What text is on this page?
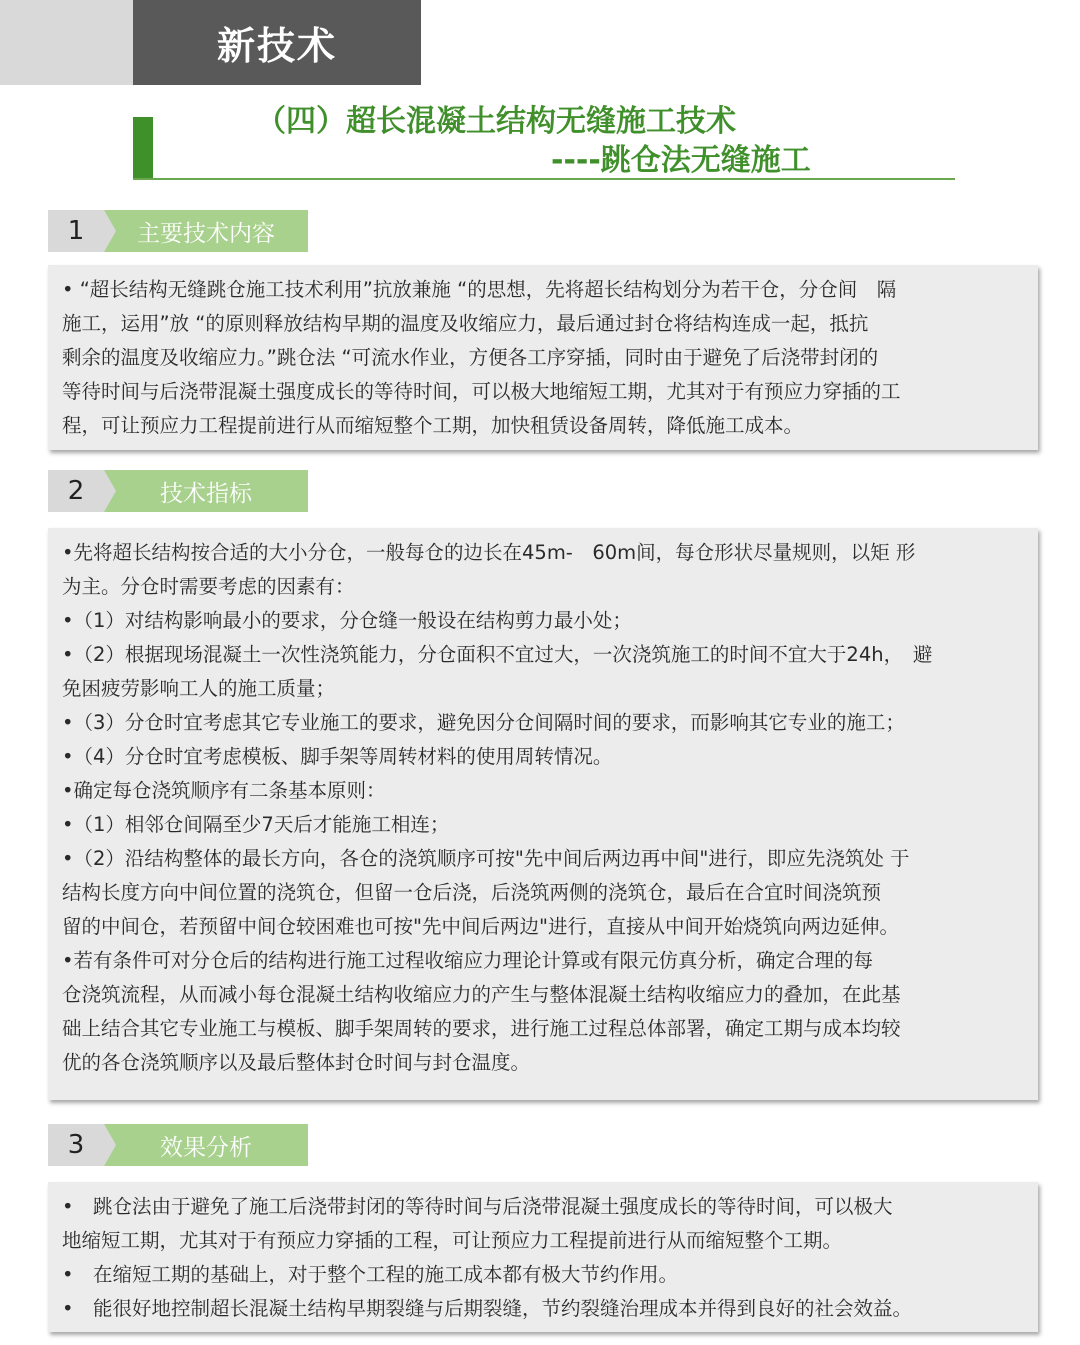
新技术
（四）超长混凝土结构无缝施工技术
----跳仓法无缝施工
1	主要技术内容

• “超长结构无缝跳仓施工技术利用”抗放兼施 “的思想，先将超长结构划分为若干仓，分仓间　隔

施工，运用”放 “的原则释放结构早期的温度及收缩应力，最后通过封仓将结构连成一起，抵抗

剩余的温度及收缩应力。”跳仓法 “可流水作业，方便各工序穿插，同时由于避免了后浇带封闭的

等待时间与后浇带混凝土强度成长的等待时间，可以极大地缩短工期，尤其对于有预应力穿插的工

程，可让预应力工程提前进行从而缩短整个工期，加快租赁设备周转，降低施工成本。

2	技术指标

•先将超长结构按合适的大小分仓，一般每仓的边长在45m-　60m间，每仓形状尽量规则，以矩 形

为主。分仓时需要考虑的因素有：

•（1）对结构影响最小的要求，分仓缝一般设在结构剪力最小处；

•（2）根据现场混凝土一次性浇筑能力，分仓面积不宜过大，一次浇筑施工的时间不宜大于24h，　避

免困疲劳影响工人的施工质量；

•（3）分仓时宜考虑其它专业施工的要求，避免因分仓间隔时间的要求，而影响其它专业的施工；

•（4）分仓时宜考虑模板、脚手架等周转材料的使用周转情况。

•确定每仓浇筑顺序有二条基本原则：

•（1）相邻仓间隔至少7天后才能施工相连；

•（2）沿结构整体的最长方向，各仓的浇筑顺序可按"先中间后两边再中间"进行，即应先浇筑处 于

结构长度方向中间位置的浇筑仓，但留一仓后浇，后浇筑两侧的浇筑仓，最后在合宜时间浇筑预

留的中间仓，若预留中间仓较困难也可按"先中间后两边"进行，直接从中间开始烧筑向两边延伸。

•若有条件可对分仓后的结构进行施工过程收缩应力理论计算或有限元仿真分析，确定合理的每

仓浇筑流程，从而减小每仓混凝土结构收缩应力的产生与整体混凝土结构收缩应力的叠加，在此基

础上结合其它专业施工与模板、脚手架周转的要求，进行施工过程总体部署，确定工期与成本均较

优的各仓浇筑顺序以及最后整体封仓时间与封仓温度。

3	效果分析

•　跳仓法由于避免了施工后浇带封闭的等待时间与后浇带混凝土强度成长的等待时间，可以极大

地缩短工期，尤其对于有预应力穿插的工程，可让预应力工程提前进行从而缩短整个工期。

•　在缩短工期的基础上，对于整个工程的施工成本都有极大节约作用。

•　能很好地控制超长混凝土结构早期裂缝与后期裂缝，节约裂缝治理成本并得到良好的社会效益。
